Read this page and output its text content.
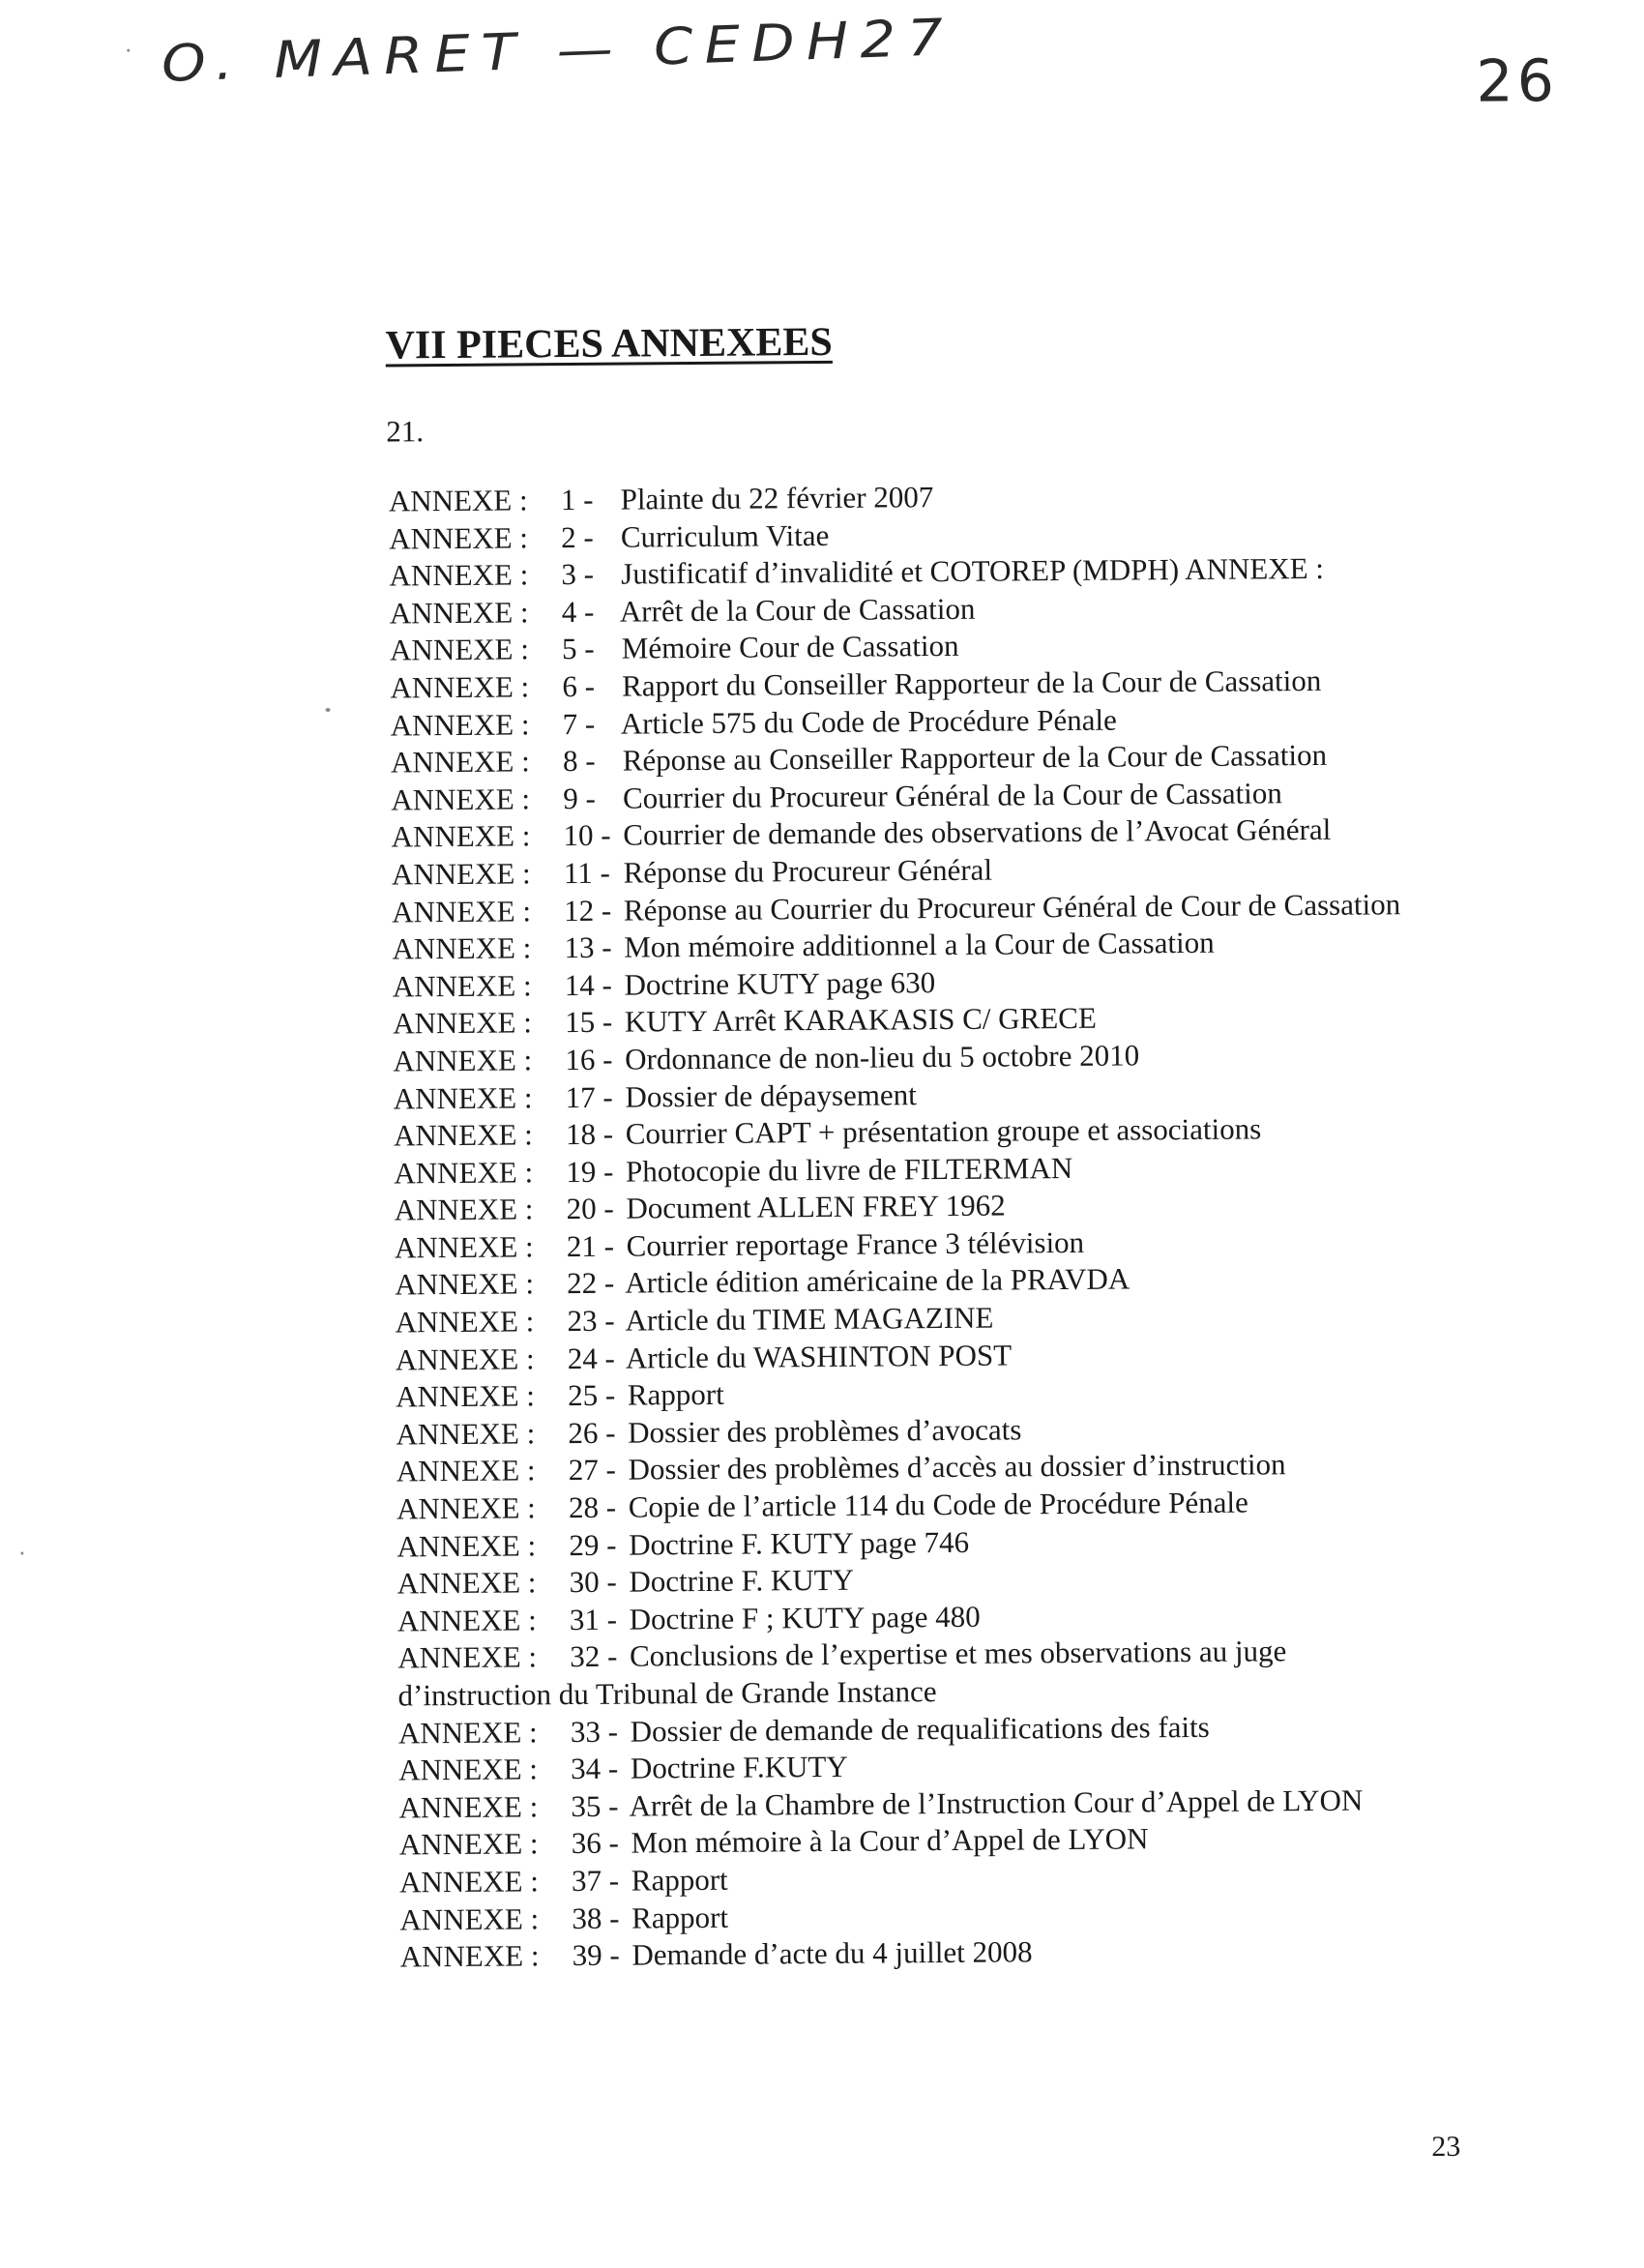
O. MARET — CEDH27	26
VII PIECES ANNEXEES
21.
ANNEXE : 1 - Plainte du 22 février 2007
ANNEXE : 2 - Curriculum Vitae
ANNEXE : 3 - Justificatif d’invalidité et COTOREP (MDPH) ANNEXE :
ANNEXE : 4 - Arrêt de la Cour de Cassation
ANNEXE : 5 - Mémoire Cour de Cassation
ANNEXE : 6 - Rapport du Conseiller Rapporteur de la Cour de Cassation
ANNEXE : 7 - Article 575 du Code de Procédure Pénale
ANNEXE : 8 - Réponse au Conseiller Rapporteur de la Cour de Cassation
ANNEXE : 9 - Courrier du Procureur Général de la Cour de Cassation
ANNEXE : 10 - Courrier de demande des observations de l’Avocat Général
ANNEXE : 11 - Réponse du Procureur Général
ANNEXE : 12 - Réponse au Courrier du Procureur Général de Cour de Cassation
ANNEXE : 13 - Mon mémoire additionnel a la Cour de Cassation
ANNEXE : 14 - Doctrine KUTY page 630
ANNEXE : 15 - KUTY Arrêt KARAKASIS C/ GRECE
ANNEXE : 16 - Ordonnance de non-lieu du 5 octobre 2010
ANNEXE : 17 - Dossier de dépaysement
ANNEXE : 18 - Courrier CAPT + présentation groupe et associations
ANNEXE : 19 - Photocopie du livre de FILTERMAN
ANNEXE : 20 - Document ALLEN FREY 1962
ANNEXE : 21 - Courrier reportage France 3 télévision
ANNEXE : 22 - Article édition américaine de la PRAVDA
ANNEXE : 23 - Article du TIME MAGAZINE
ANNEXE : 24 - Article du WASHINTON POST
ANNEXE : 25 - Rapport
ANNEXE : 26 - Dossier des problèmes d’avocats
ANNEXE : 27 - Dossier des problèmes d’accès au dossier d’instruction
ANNEXE : 28 - Copie de l’article 114 du Code de Procédure Pénale
ANNEXE : 29 - Doctrine F. KUTY page 746
ANNEXE : 30 - Doctrine F. KUTY
ANNEXE : 31 - Doctrine F ; KUTY page 480
ANNEXE : 32 - Conclusions de l’expertise et mes observations au juge
d’instruction du Tribunal de Grande Instance
ANNEXE : 33 - Dossier de demande de requalifications des faits
ANNEXE : 34 - Doctrine F.KUTY
ANNEXE : 35 - Arrêt de la Chambre de l’Instruction Cour d’Appel de LYON
ANNEXE : 36 - Mon mémoire à la Cour d’Appel de LYON
ANNEXE : 37 - Rapport
ANNEXE : 38 - Rapport
ANNEXE : 39 - Demande d’acte du 4 juillet 2008
23
